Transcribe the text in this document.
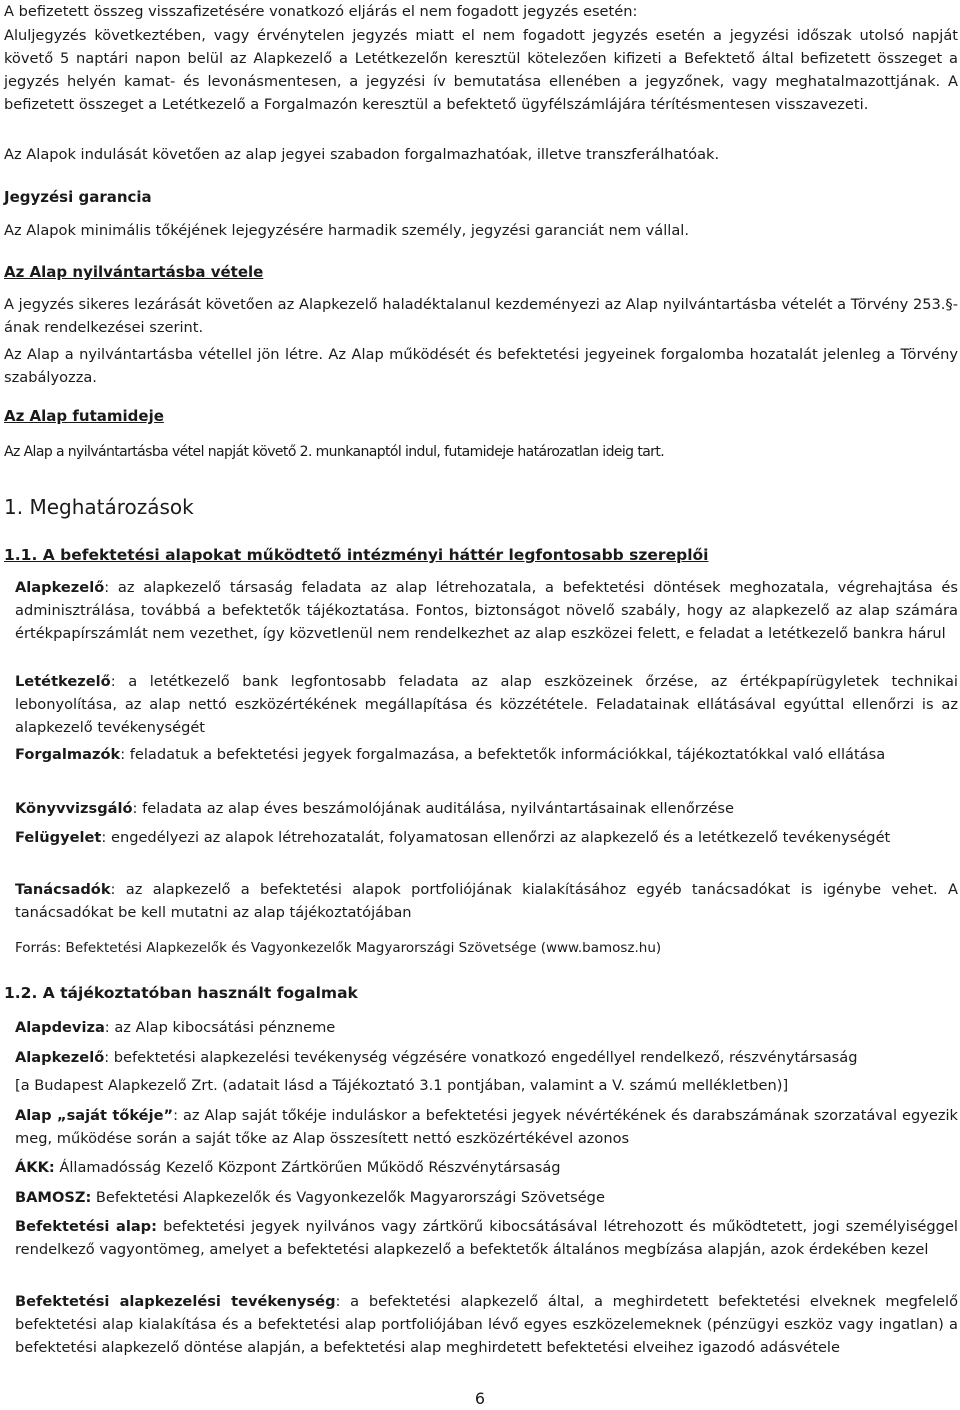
A befizetett összeg visszafizetésére vonatkozó eljárás el nem fogadott jegyzés esetén:

Aluljegyzés következtében, vagy érvénytelen jegyzés miatt el nem fogadott jegyzés esetén a jegyzési időszak utolsó napját követő 5 naptári napon belül az Alapkezelő a Letétkezelőn keresztül kötelezően kifizeti a Befektető által befizetett összeget a jegyzés helyén kamat- és levonásmentesen, a jegyzési ív bemutatása ellenében a jegyzőnek, vagy meghatalmazottjának. A befizetett összeget a Letétkezelő a Forgalmazón keresztül a befektető ügyfélszámlájára térítésmentesen visszavezeti.

Az Alapok indulását követően az alap jegyei szabadon forgalmazhatóak, illetve transzferálhatóak.

Jegyzési garancia

Az Alapok minimális tőkéjének lejegyzésére harmadik személy, jegyzési garanciát nem vállal.

Az Alap nyilvántartásba vétele

A jegyzés sikeres lezárását követően az Alapkezelő haladéktalanul kezdeményezi az Alap nyilvántartásba vételét a Törvény 253.§-ának rendelkezései szerint.

Az Alap a nyilvántartásba vétellel jön létre. Az Alap működését és befektetési jegyeinek forgalomba hozatalát jelenleg a Törvény szabályozza.

Az Alap futamideje

Az Alap a nyilvántartásba vétel napját követő 2. munkanaptól indul, futamideje határozatlan ideig tart.

1. Meghatározások
1.1. A befektetési alapokat működtető intézményi háttér legfontosabb szereplői

Alapkezelő: az alapkezelő társaság feladata az alap létrehozatala, a befektetési döntések meghozatala, végrehajtása és adminisztrálása, továbbá a befektetők tájékoztatása. Fontos, biztonságot növelő szabály, hogy az alapkezelő az alap számára értékpapírszámlát nem vezethet, így közvetlenül nem rendelkezhet az alap eszközei felett, e feladat a letétkezelő bankra hárul

Letétkezelő: a letétkezelő bank legfontosabb feladata az alap eszközeinek őrzése, az értékpapírügyletek technikai lebonyolítása, az alap nettó eszközértékének megállapítása és közzététele. Feladatainak ellátásával egyúttal ellenőrzi is az alapkezelő tevékenységét

Forgalmazók: feladatuk a befektetési jegyek forgalmazása, a befektetők információkkal, tájékoztatókkal való ellátása

Könyvvizsgáló: feladata az alap éves beszámolójának auditálása, nyilvántartásainak ellenőrzése

Felügyelet: engedélyezi az alapok létrehozatalát, folyamatosan ellenőrzi az alapkezelő és a letétkezelő tevékenységét

Tanácsadók: az alapkezelő a befektetési alapok portfoliójának kialakításához egyéb tanácsadókat is igénybe vehet. A tanácsadókat be kell mutatni az alap tájékoztatójában

Forrás: Befektetési Alapkezelők és Vagyonkezelők Magyarországi Szövetsége (www.bamosz.hu)

1.2. A tájékoztatóban használt fogalmak

Alapdeviza: az Alap kibocsátási pénzneme

Alapkezelő: befektetési alapkezelési tevékenység végzésére vonatkozó engedéllyel rendelkező, részvénytársaság

[a Budapest Alapkezelő Zrt. (adatait lásd a Tájékoztató 3.1 pontjában, valamint a V. számú mellékletben)]

Alap „saját tőkéje”: az Alap saját tőkéje induláskor a befektetési jegyek névértékének és darabszámának szorzatával egyezik meg, működése során a saját tőke az Alap összesített nettó eszközértékével azonos

ÁKK: Államadósság Kezelő Központ Zártkörűen Működő Részvénytársaság

BAMOSZ: Befektetési Alapkezelők és Vagyonkezelők Magyarországi Szövetsége

Befektetési alap: befektetési jegyek nyilvános vagy zártkörű kibocsátásával létrehozott és működtetett, jogi személyiséggel rendelkező vagyontömeg, amelyet a befektetési alapkezelő a befektetők általános megbízása alapján, azok érdekében kezel

Befektetési alapkezelési tevékenység: a befektetési alapkezelő által, a meghirdetett befektetési elveknek megfelelő befektetési alap kialakítása és a befektetési alap portfoliójában lévő egyes eszközelemeknek (pénzügyi eszköz vagy ingatlan) a befektetési alapkezelő döntése alapján, a befektetési alap meghirdetett befektetési elveihez igazodó adásvétele

6
